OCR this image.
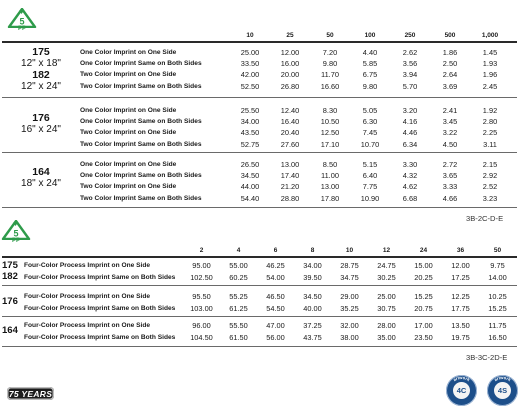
5
PP
5
PP
10	25	50	100	250	500	1,000
175
12" x 18"
182
12" x 24"
One Color Imprint on One Side	25.00	12.00	7.20	4.40	2.62	1.86	1.45
One Color Imprint Same on Both Sides	33.50	16.00	9.80	5.85	3.56	2.50	1.93
Two Color Imprint on One Side	42.00	20.00	11.70	6.75	3.94	2.64	1.96
Two Color Imprint Same on Both Sides	52.50	26.80	16.60	9.80	5.70	3.69	2.45
176
16" x 24"
One Color Imprint on One Side	25.50	12.40	8.30	5.05	3.20	2.41	1.92
One Color Imprint Same on Both Sides	34.00	16.40	10.50	6.30	4.16	3.45	2.80
Two Color Imprint on One Side	43.50	20.40	12.50	7.45	4.46	3.22	2.25
Two Color Imprint Same on Both Sides	52.75	27.60	17.10	10.70	6.34	4.50	3.11
164
18" x 24"
One Color Imprint on One Side	26.50	13.00	8.50	5.15	3.30	2.72	2.15
One Color Imprint Same on Both Sides	34.50	17.40	11.00	6.40	4.32	3.65	2.92
Two Color Imprint on One Side	44.00	21.20	13.00	7.75	4.62	3.33	2.52
Two Color Imprint Same on Both Sides	54.40	28.80	17.80	10.90	6.68	4.66	3.23
3B-2C-D-E
2	4	6	8	10	12	24	36	50
175
182
Four-Color Process Imprint on One Side	95.00	55.00	46.25	34.00	28.75	24.75	15.00	12.00	9.75
Four-Color Process Imprint Same on Both Sides	102.50	60.25	54.00	39.50	34.75	30.25	20.25	17.25	14.00
176 Four-Color Process Imprint on One Side	95.50	55.25	46.50	34.50	29.00	25.00	15.25	12.25	10.25
Four-Color Process Imprint Same on Both Sides	103.00	61.25	54.50	40.00	35.25	30.75	20.75	17.75	15.25
164 Four-Color Process Imprint on One Side	96.00	55.50	47.00	37.25	32.00	28.00	17.00	13.50	11.75
Four-Color Process Imprint Same on Both Sides	104.50	61.50	56.00	43.75	38.00	35.00	23.50	19.75	16.50
3B-3C-2D-E
75 YEARS
artwork
4C
artwork
4S
